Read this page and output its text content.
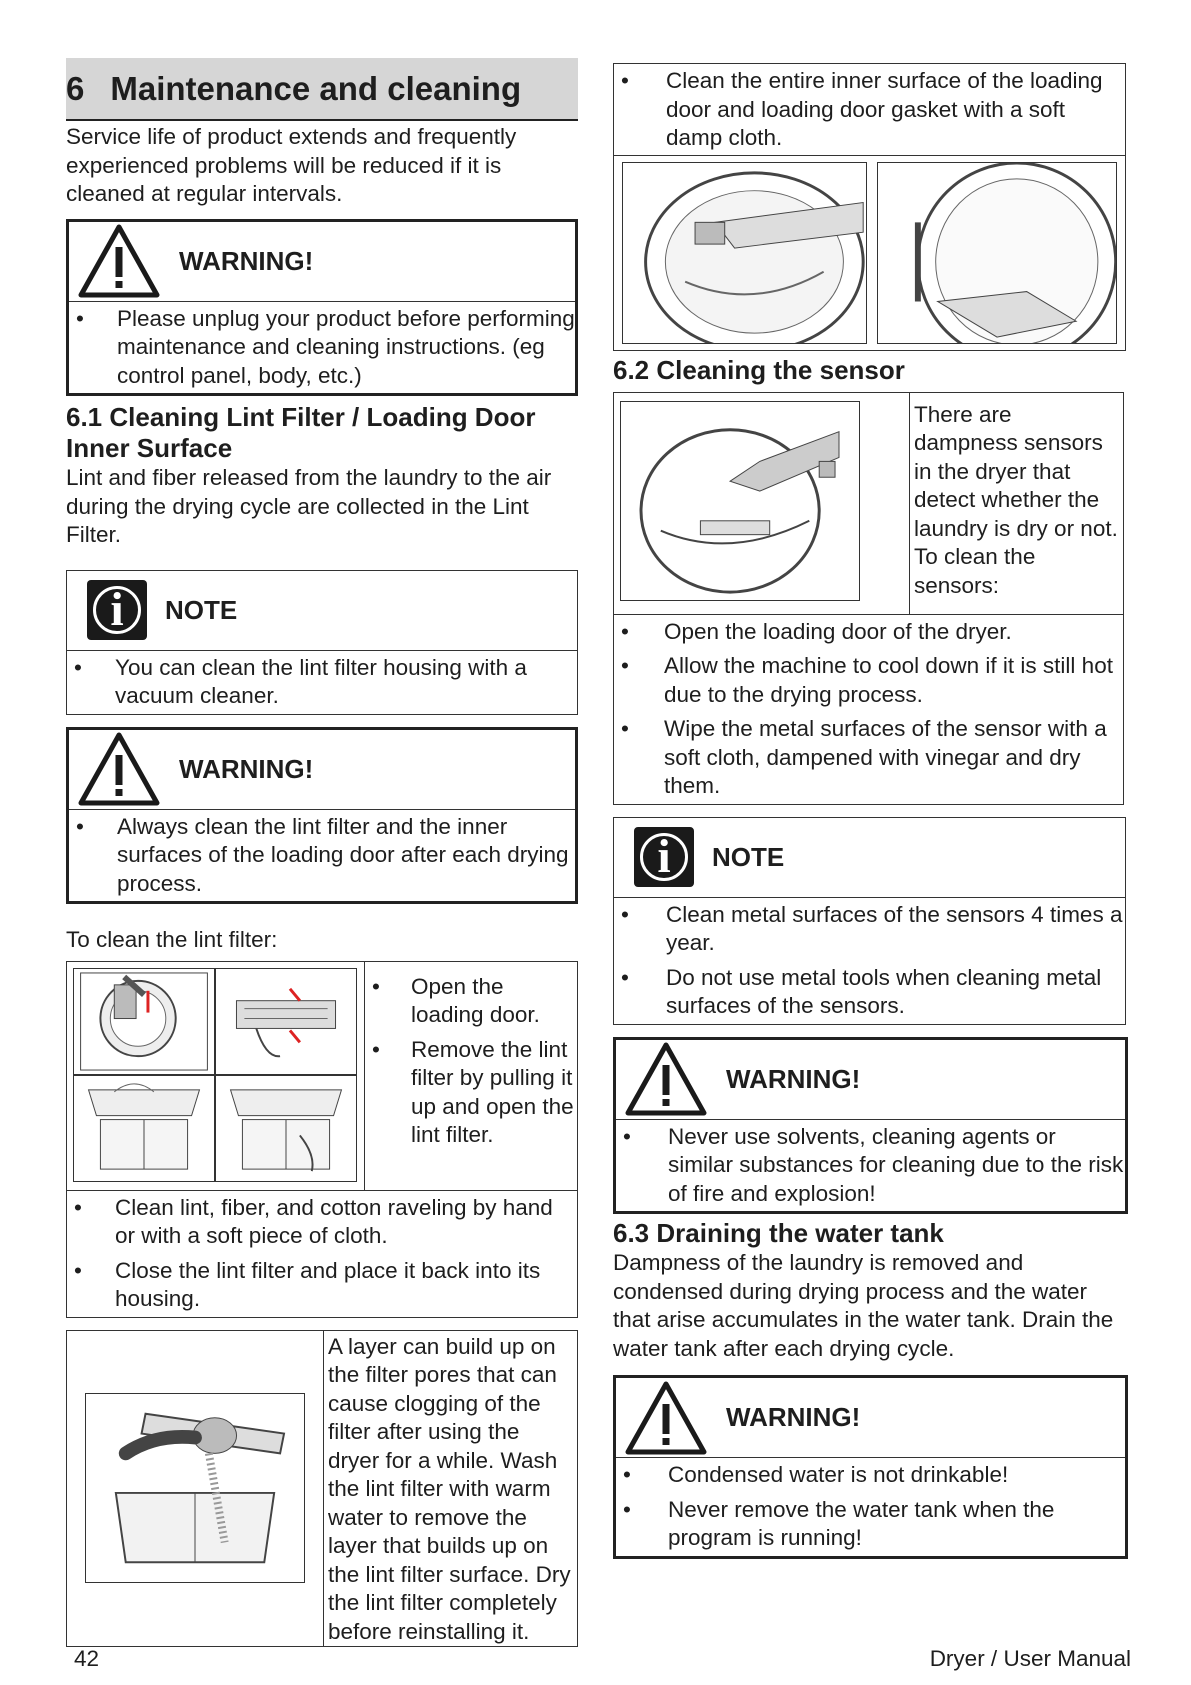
6 Maintenance and cleaning

Service life of product extends and frequently experienced problems will be reduced if it is cleaned at regular intervals.

WARNING!
•	Please unplug your product before performing maintenance and cleaning instructions. (eg control panel, body, etc.)
6.1 Cleaning Lint Filter / Loading Door Inner Surface

Lint and fiber released from the laundry to the air during the drying cycle are collected in the Lint Filter.

i	NOTE
•	You can clean the lint filter housing with a vacuum cleaner.
WARNING!
•	Always clean the lint filter and the inner surfaces of the loading door after each drying process.

To clean the lint filter:

•	Open the loading door.
•	Remove the lint filter by pulling it up and open the lint filter.
•	Clean lint, fiber, and cotton raveling by hand or with a soft piece of cloth.
•	Close the lint filter and place it back into its housing.

A layer can build up on the filter pores that can cause clogging of the filter after using the dryer for a while. Wash the lint filter with warm water to remove the layer that builds up on the lint filter surface. Dry the lint filter completely before reinstalling it.

•	Clean the entire inner surface of the loading door and loading door gasket with a soft damp cloth.
6.2 Cleaning the sensor

There are dampness sensors in the dryer that detect whether the laundry is dry or not. To clean the sensors:

•	Open the loading door of the dryer.
•	Allow the machine to cool down if it is still hot due to the drying process.
•	Wipe the metal surfaces of the sensor with a soft cloth, dampened with vinegar and dry them.
i	NOTE
•	Clean metal surfaces of the sensors 4 times a year.
•	Do not use metal tools when cleaning metal surfaces of the sensors.
WARNING!
•	Never use solvents, cleaning agents or similar substances for cleaning due to the risk of fire and explosion!
6.3 Draining the water tank

Dampness of the laundry is removed and condensed during drying process and the water that arise accumulates in the water tank. Drain the water tank after each drying cycle.

WARNING!
•	Condensed water is not drinkable!
•	Never remove the water tank when the program is running!
42	Dryer / User Manual
